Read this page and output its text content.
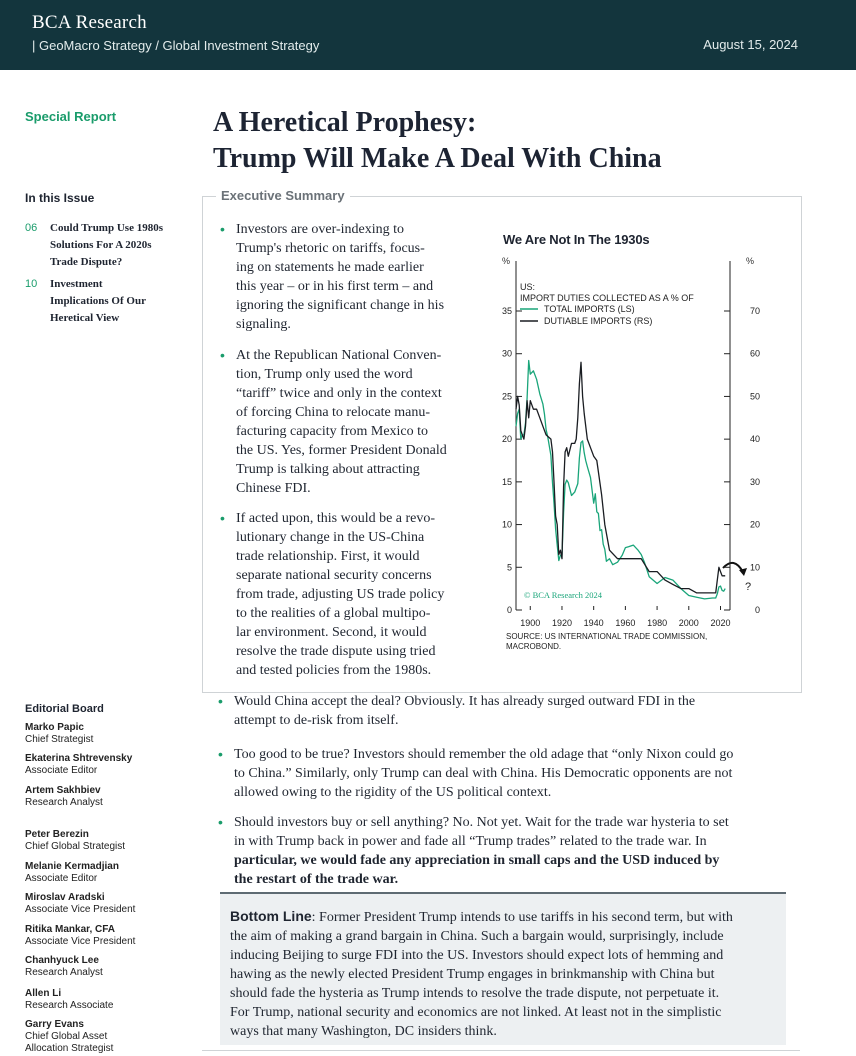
BCA Research
| GeoMacro Strategy / Global Investment Strategy	August 15, 2024
Special Report	A Heretical Prophesy:
Trump Will Make A Deal With China
In this Issue
06 Could Trump Use 1980s
Solutions For A 2020s
Trade Dispute?
10 Investment
Implications Of Our
Heretical View
Executive Summary
• Investors are over-indexing to
Trump's rhetoric on tariffs, focus-
ing on statements he made earlier
this year – or in his first term – and
ignoring the significant change in his
signaling.
• At the Republican National Conven-
tion, Trump only used the word
“tariff” twice and only in the context
of forcing China to relocate manu-
facturing capacity from Mexico to
the US. Yes, former President Donald
Trump is talking about attracting
Chinese FDI.
• If acted upon, this would be a revo-
lutionary change in the US-China
trade relationship. First, it would
separate national security concerns
from trade, adjusting US trade policy
to the realities of a global multipo-
lar environment. Second, it would
resolve the trade dispute using tried
and tested policies from the 1980s.
We Are Not In The 1930s
%	%
US:
IMPORT DUTIES COLLECTED AS A % OF
TOTAL IMPORTS (LS)
DUTIABLE IMPORTS (RS)
© BCA Research 2024
?
SOURCE: US INTERNATIONAL TRADE COMMISSION,
MACROBOND.
0
5
10
15
20
25
30
35
0
10
20
30
40
50
60
70
1900 1920 1940 1960 1980 2000 2020
• Would China accept the deal? Obviously. It has already surged outward FDI in the
attempt to de-risk from itself.
• Too good to be true? Investors should remember the old adage that “only Nixon could go
to China.” Similarly, only Trump can deal with China. His Democratic opponents are not
allowed owing to the rigidity of the US political context.
• Should investors buy or sell anything? No. Not yet. Wait for the trade war hysteria to set
in with Trump back in power and fade all “Trump trades” related to the trade war. In
particular, we would fade any appreciation in small caps and the USD induced by
the restart of the trade war.

Bottom Line: Former President Trump intends to use tariffs in his second term, but with
the aim of making a grand bargain in China. Such a bargain would, surprisingly, include
inducing Beijing to surge FDI into the US. Investors should expect lots of hemming and
hawing as the newly elected President Trump engages in brinkmanship with China but
should fade the hysteria as Trump intends to resolve the trade dispute, not perpetuate it.
For Trump, national security and economics are not linked. At least not in the simplistic
ways that many Washington, DC insiders think.

Editorial Board
Marko Papic
Chief Strategist
Ekaterina Shtrevensky
Associate Editor
Artem Sakhbiev
Research Analyst
Peter Berezin
Chief Global Strategist
Melanie Kermadjian
Associate Editor
Miroslav Aradski
Associate Vice President
Ritika Mankar, CFA
Associate Vice President
Chanhyuck Lee
Research Analyst
Allen Li
Research Associate
Garry Evans
Chief Global Asset
Allocation Strategist
